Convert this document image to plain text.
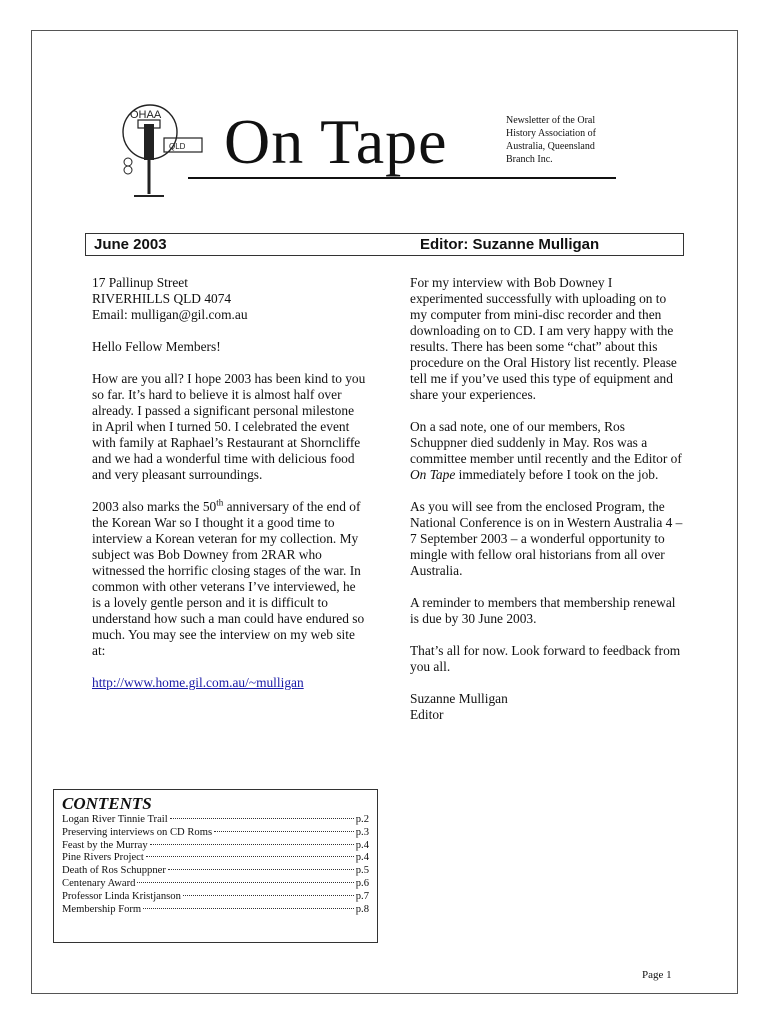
OHAA
QLD On Tape	Newsletter of the Oral History Association of Australia, Queensland Branch Inc.
June 2003	Editor: Suzanne Mulligan

17 Pallinup Street
RIVERHILLS QLD 4074
Email: mulligan@gil.com.au

Hello Fellow Members!

How are you all? I hope 2003 has been kind to you so far. It’s hard to believe it is almost half over already. I passed a significant personal milestone in April when I turned 50. I celebrated the event with family at Raphael’s Restaurant at Shorncliffe and we had a wonderful time with delicious food and very pleasant surroundings.

2003 also marks the 50th anniversary of the end of the Korean War so I thought it a good time to interview a Korean veteran for my collection. My subject was Bob Downey from 2RAR who witnessed the horrific closing stages of the war. In common with other veterans I’ve interviewed, he is a lovely gentle person and it is difficult to understand how such a man could have endured so much. You may see the interview on my web site at:

http://www.home.gil.com.au/~mulligan

For my interview with Bob Downey I experimented successfully with uploading on to my computer from mini-disc recorder and then downloading on to CD. I am very happy with the results. There has been some “chat” about this procedure on the Oral History list recently. Please tell me if you’ve used this type of equipment and share your experiences.

On a sad note, one of our members, Ros Schuppner died suddenly in May. Ros was a committee member until recently and the Editor of On Tape immediately before I took on the job.

As you will see from the enclosed Program, the National Conference is on in Western Australia 4 – 7 September 2003 – a wonderful opportunity to mingle with fellow oral historians from all over Australia.

A reminder to members that membership renewal is due by 30 June 2003.

That’s all for now. Look forward to feedback from you all.

Suzanne Mulligan
Editor

CONTENTS
Logan River Tinnie Trail	p.2
Preserving interviews on CD Roms	p.3
Feast by the Murray	p.4
Pine Rivers Project	p.4
Death of Ros Schuppner	p.5
Centenary Award	p.6
Professor Linda Kristjanson	p.7
Membership Form	p.8
Page 1
